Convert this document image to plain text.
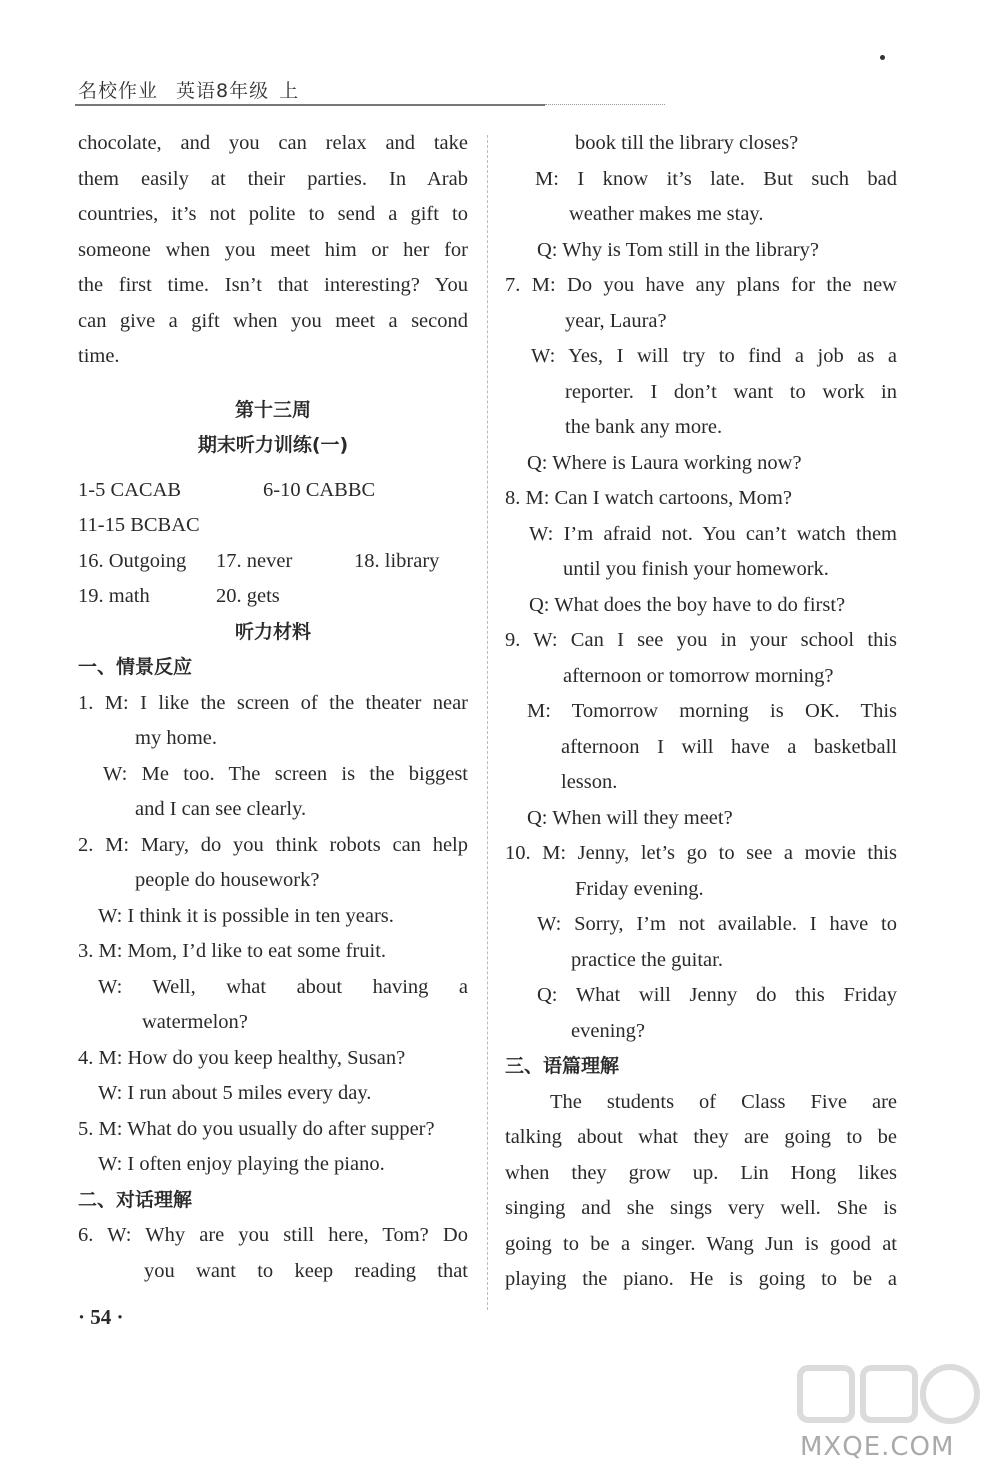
名校作业 英语8年级 上
chocolate, and you can relax and take
them easily at their parties. In Arab
countries, it’s not polite to send a gift to
someone when you meet him or her for
the first time. Isn’t that interesting? You
can give a gift when you meet a second
time.
第十三周
期末听力训练(一)
1-5 CACAB	6-10 CABBC
11-15 BCBAC
16. Outgoing	17. never	18. library
19. math	20. gets
听力材料
一、情景反应
1. M: I like the screen of the theater near
my home.
W: Me too. The screen is the biggest
and I can see clearly.
2. M: Mary, do you think robots can help
people do housework?
W: I think it is possible in ten years.
3. M: Mom, I’d like to eat some fruit.
W: Well, what about having a
watermelon?
4. M: How do you keep healthy, Susan?
W: I run about 5 miles every day.
5. M: What do you usually do after supper?
W: I often enjoy playing the piano.
二、对话理解
6. W: Why are you still here, Tom? Do
you want to keep reading that
book till the library closes?
M: I know it’s late. But such bad
weather makes me stay.
Q: Why is Tom still in the library?
7. M: Do you have any plans for the new
year, Laura?
W: Yes, I will try to find a job as a
reporter. I don’t want to work in
the bank any more.
Q: Where is Laura working now?
8. M: Can I watch cartoons, Mom?
W: I’m afraid not. You can’t watch them
until you finish your homework.
Q: What does the boy have to do first?
9. W: Can I see you in your school this
afternoon or tomorrow morning?
M: Tomorrow morning is OK. This
afternoon I will have a basketball
lesson.
Q: When will they meet?
10. M: Jenny, let’s go to see a movie this
Friday evening.
W: Sorry, I’m not available. I have to
practice the guitar.
Q: What will Jenny do this Friday
evening?
三、语篇理解
The students of Class Five are
talking about what they are going to be
when they grow up. Lin Hong likes
singing and she sings very well. She is
going to be a singer. Wang Jun is good at
playing the piano. He is going to be a
· 54 ·
MXQE.COM
